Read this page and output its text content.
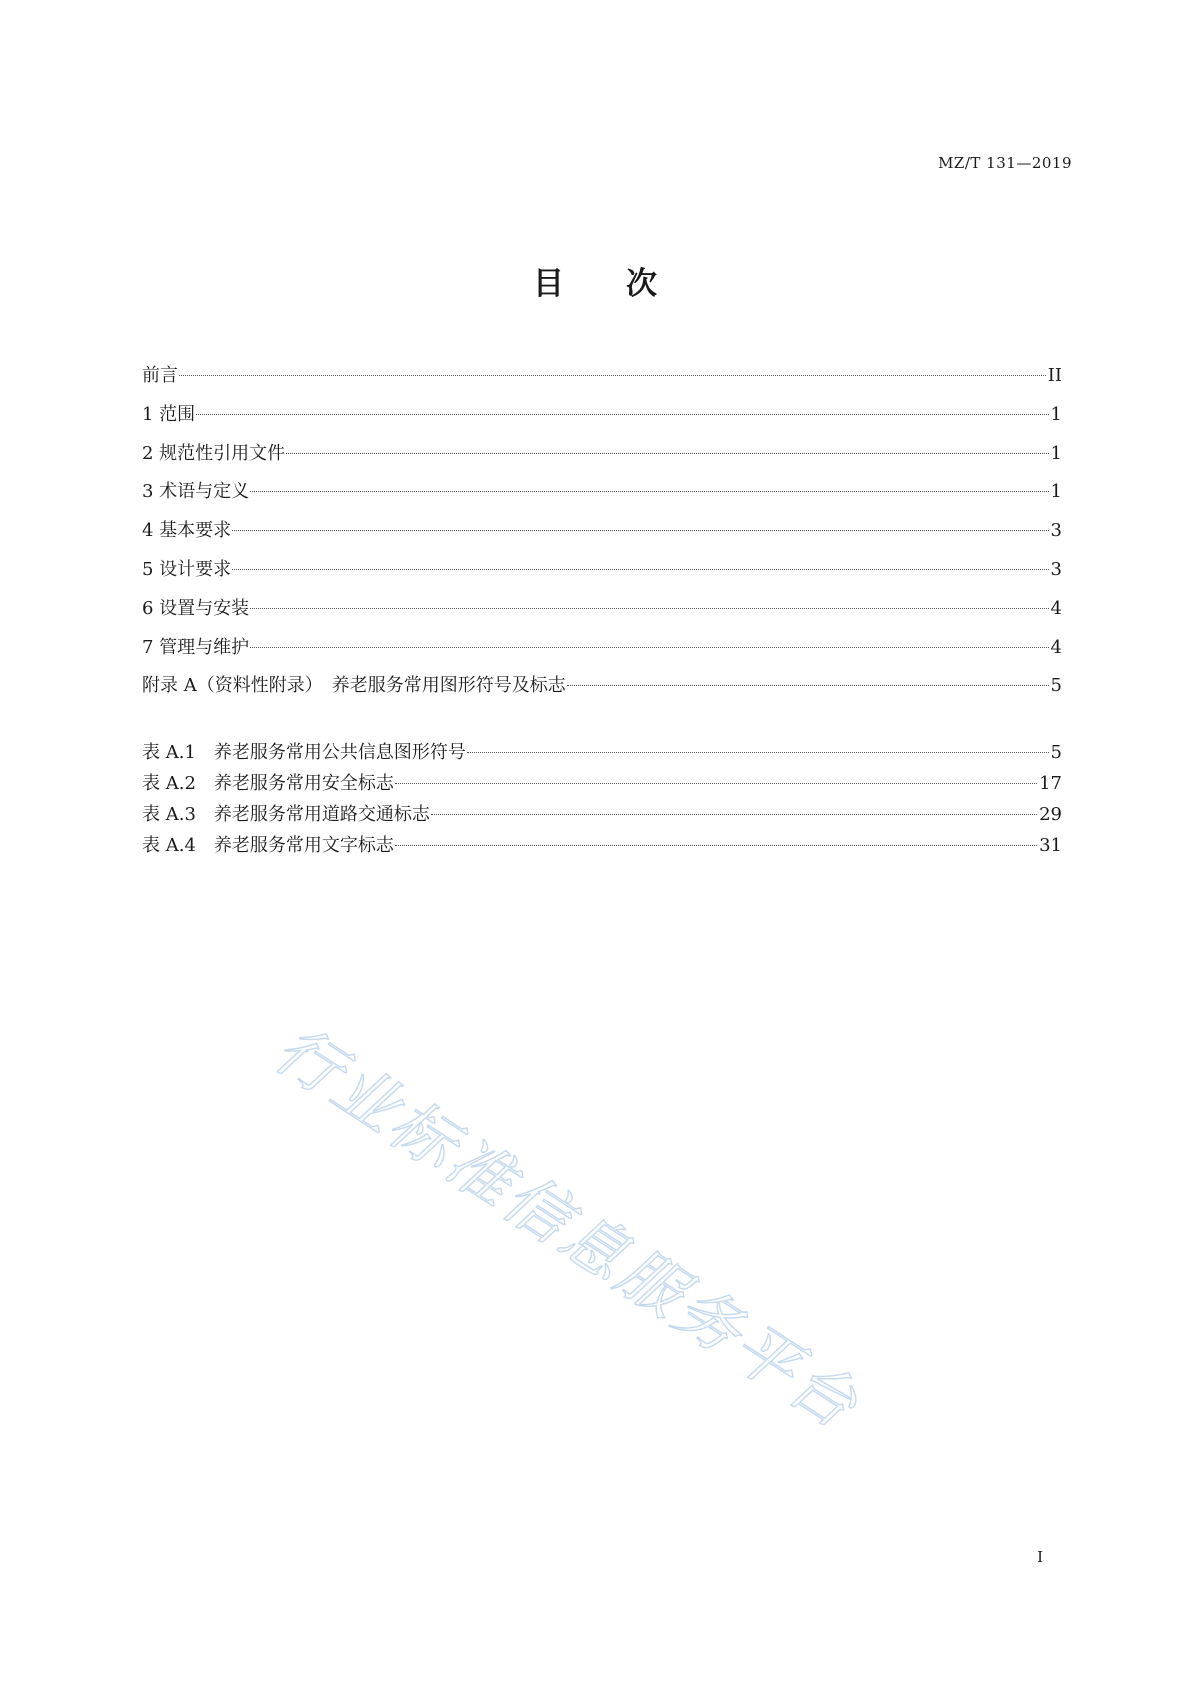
MZ/T 131—2019
目次
前言	II
1 范围	1
2 规范性引用文件	1
3 术语与定义	1
4 基本要求	3
5 设计要求	3
6 设置与安装	4
7 管理与维护	4
附录 A（资料性附录）　养老服务常用图形符号及标志	5
表 A.1　养老服务常用公共信息图形符号	5
表 A.2　养老服务常用安全标志	17
表 A.3　养老服务常用道路交通标志	29
表 A.4　养老服务常用文字标志	31
行业标准信息服务平台
I
